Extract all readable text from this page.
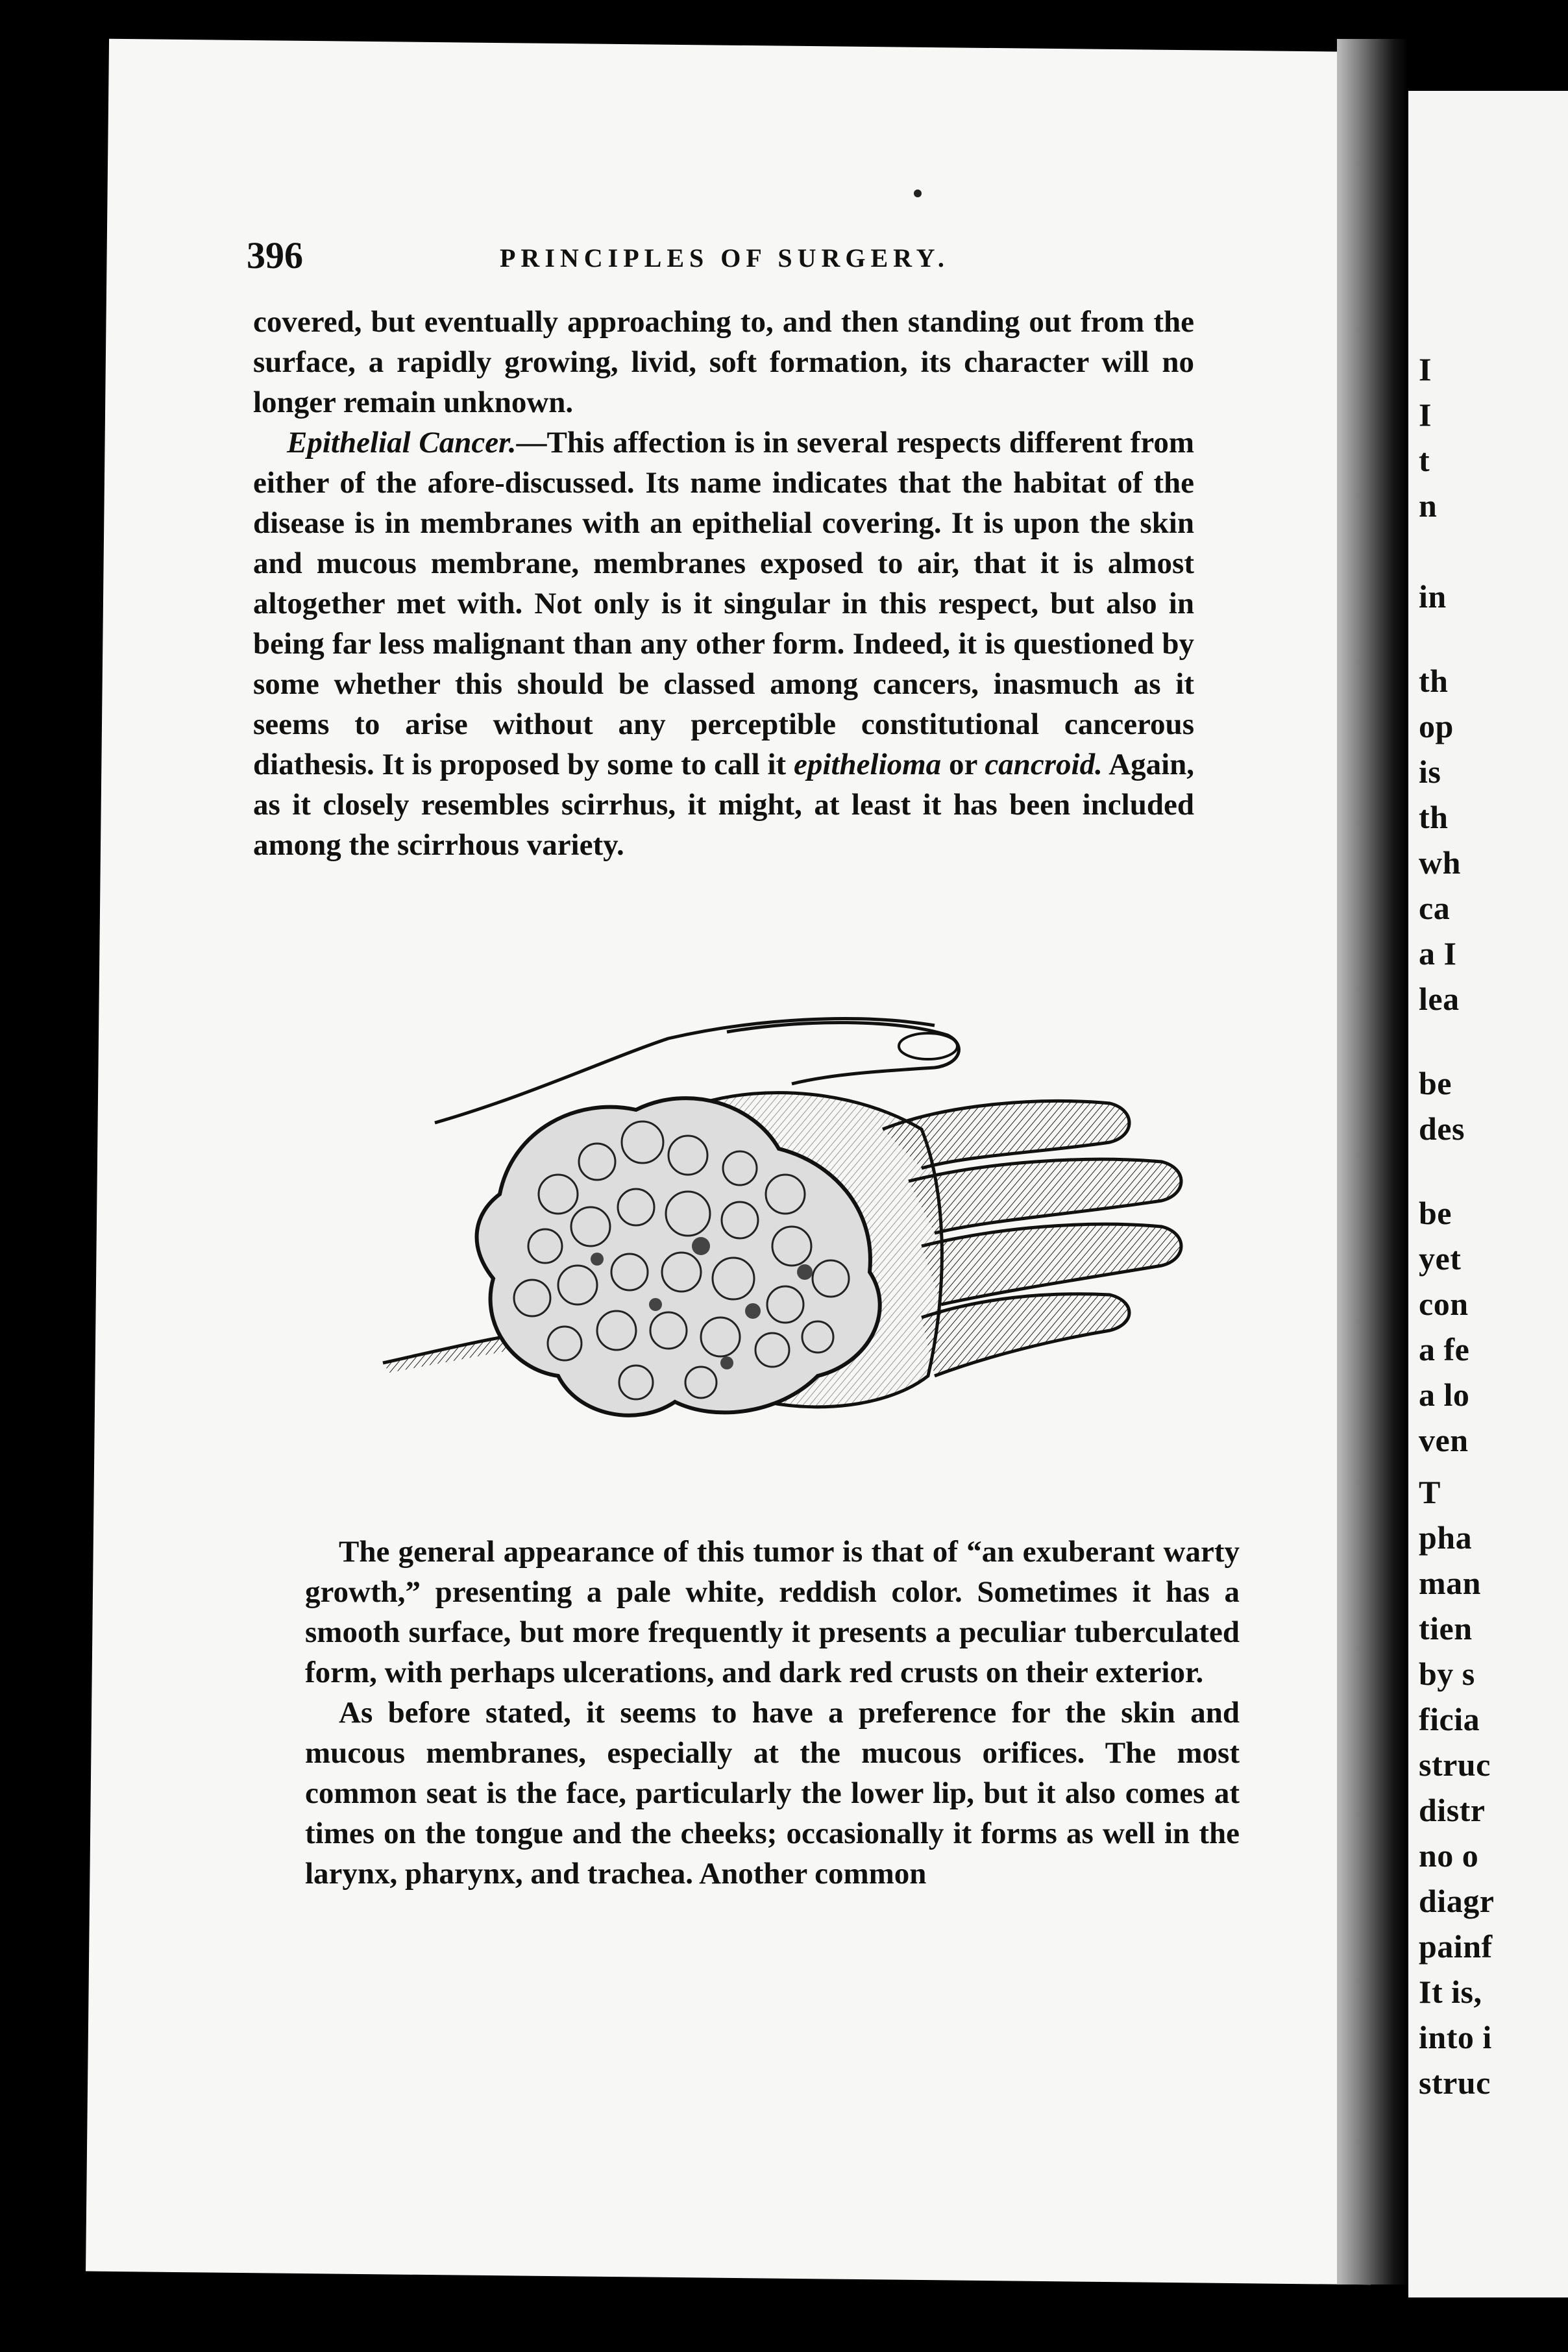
I
I
t
n
in
th
op
is
th
wh
ca
a I
lea
be
des
be
yet
con
a fe
a lo
ven
T
pha
man
tien
by s
ficia
struc
distr
no o
diagr
painf
It is,
into i
struc
396	PRINCIPLES OF SURGERY.

covered, but eventually approaching to, and then standing out from the surface, a rapidly growing, livid, soft formation, its character will no longer remain unknown.

Epithelial Cancer.—This affection is in several respects different from either of the afore-discussed. Its name indicates that the habitat of the disease is in membranes with an epithelial covering. It is upon the skin and mucous membrane, membranes exposed to air, that it is almost altogether met with. Not only is it singular in this respect, but also in being far less malignant than any other form. Indeed, it is questioned by some whether this should be classed among cancers, inasmuch as it seems to arise without any perceptible constitutional cancerous diathesis. It is proposed by some to call it epithelioma or cancroid. Again, as it closely resembles scirrhus, it might, at least it has been included among the scirrhous variety.

The general appearance of this tumor is that of “an exuberant warty growth,” presenting a pale white, reddish color. Sometimes it has a smooth surface, but more frequently it presents a peculiar tuberculated form, with perhaps ulcerations, and dark red crusts on their exterior.

As before stated, it seems to have a preference for the skin and mucous membranes, especially at the mucous orifices. The most common seat is the face, particularly the lower lip, but it also comes at times on the tongue and the cheeks; occasionally it forms as well in the larynx, pharynx, and trachea. Another common
